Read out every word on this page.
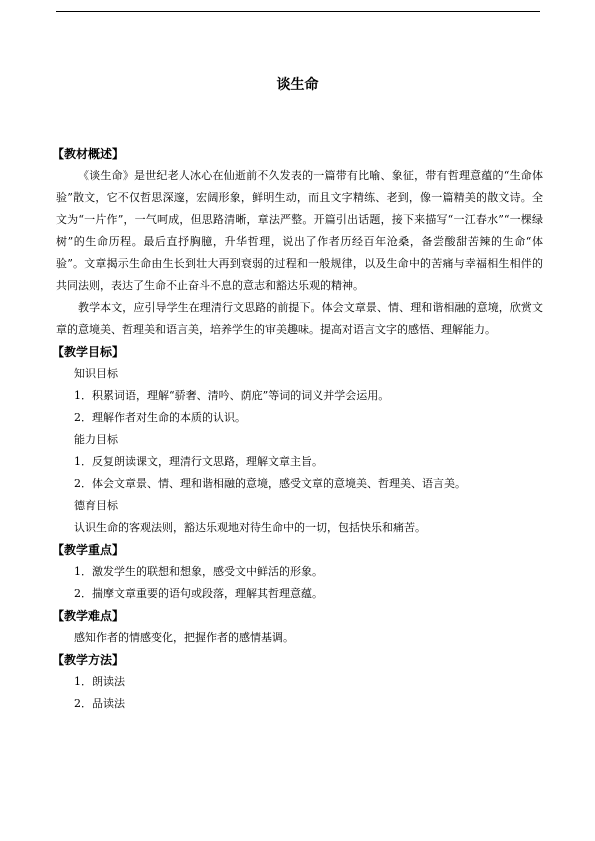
谈生命
【教材概述】

《谈生命》是世纪老人冰心在仙逝前不久发表的一篇带有比喻、象征，带有哲理意蕴的“生命体验”散文，它不仅哲思深邃，宏阔形象，鲜明生动，而且文字精练、老到，像一篇精美的散文诗。全文为“一片作”，一气呵成，但思路清晰，章法严整。开篇引出话题，接下来描写“一江春水”“一棵绿树”的生命历程。最后直抒胸臆，升华哲理，说出了作者历经百年沧桑，备尝酸甜苦辣的生命“体验”。文章揭示生命由生长到壮大再到衰弱的过程和一般规律，以及生命中的苦痛与幸福相生相伴的共同法则，表达了生命不止奋斗不息的意志和豁达乐观的精神。

教学本文，应引导学生在理清行文思路的前提下。体会文章景、情、理和谐相融的意境，欣赏文章的意境美、哲理美和语言美，培养学生的审美趣味。提高对语言文字的感悟、理解能力。

【教学目标】

知识目标

1．积累词语，理解“骄奢、清吟、荫庇”等词的词义并学会运用。

2．理解作者对生命的本质的认识。

能力目标

1．反复朗读课文，理清行文思路，理解文章主旨。

2．体会文章景、情、理和谐相融的意境，感受文章的意境美、哲理美、语言美。

德育目标

认识生命的客观法则，豁达乐观地对待生命中的一切，包括快乐和痛苦。

【教学重点】

1．激发学生的联想和想象，感受文中鲜活的形象。

2．揣摩文章重要的语句或段落，理解其哲理意蕴。

【教学难点】

感知作者的情感变化，把握作者的感情基调。

【教学方法】

1．朗读法

2．品读法
